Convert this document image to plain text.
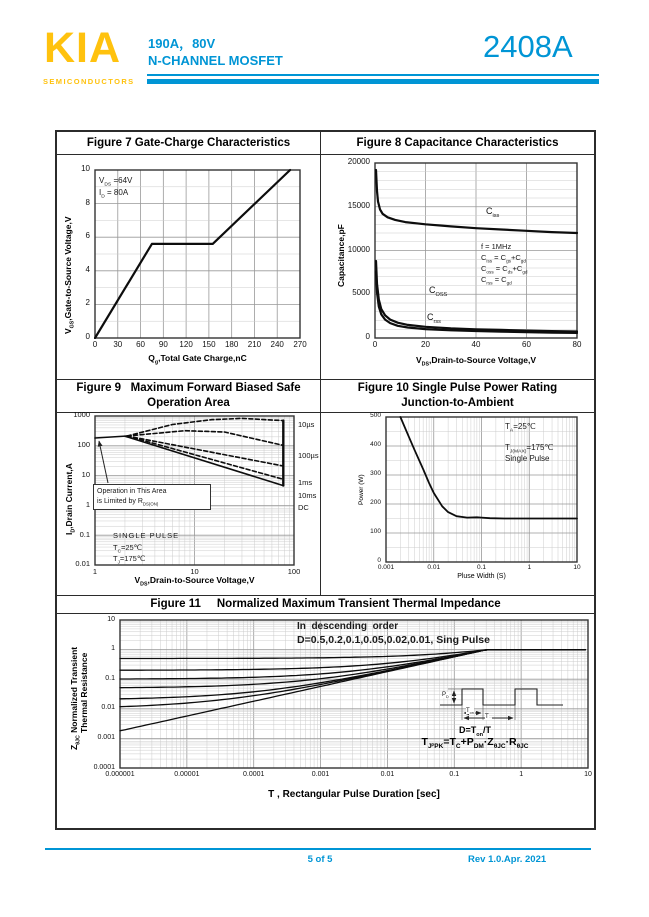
KIA
SEMICONDUCTORS
190A，80V
N-CHANNEL MOSFET	2408A
Figure 7 Gate-Charge Characteristics	Figure 8 Capacitance Characteristics
$V_{DS} =64V$
$I_D = 80A$
$Q_g,Total$ Gate Charge,nC
$V_{GS},Gate-to$-Source Voltage,V
0	30	60	90	120	150	180	210	240	270
0
2
4
6
8
10
f = 1MHz
$C_{iss} = C_{gs}+C_{gd}$
$C_{oss} = C_{ds}+C_{gd}$
$C_{rss} = C_{gd}$
$C_{iss}$
$C_{OSS}$
$C_{rss}$
$V_{DS},Drain-to$-Source Voltage,V
Capacitance,pF
0	20	40	60	80
0
5000
10000
15000
20000
Figure 9   Maximum Forward Biased Safe
Operation Area
Figure 10 Single Pulse Power Rating
Junction-to-Ambient
Operation in This Area
is Limited by $R_{DS(ON)}$
SINGLE PULSE
$T_C=25℃$
$T_J=175℃$
$V_{DS},Drain-to$-Source Voltage,V
$I_D,Drain$ Current,A
1	10	100
0.01
0.1
1
10
100
1000
10µs
100µs
1ms
10ms
DC
$T_A=25℃$
$T_{J(MAX)}=175℃$
Single Pulse
Pluse Width (S)
Power (W)
0.001	0.01	0.1	1	10
0
100
200
300
400
500
Figure 11     Normalized Maximum Transient Thermal Impedance
In  descending  order
D=0.5,0.2,0.1,0.05,0.02,0.01, Sing Pulse
$P_D$
$T_{on}$
T
$D=T_{on}/T$
$T_{JᴾPK}=T_C+P_{DM}\cdot Z_{\theta JC}\cdot R_{\theta JC}$
T , Rectangular Pulse Duration [sec]
$Z_{\theta JC}$ Normalized Transient Thermal Resistance
0.000001	0.00001	0.0001	0.001	0.01	0.1	1	10
0.0001
0.001
0.01
0.1
1
10
5 of 5	Rev 1.0.Apr. 2021
